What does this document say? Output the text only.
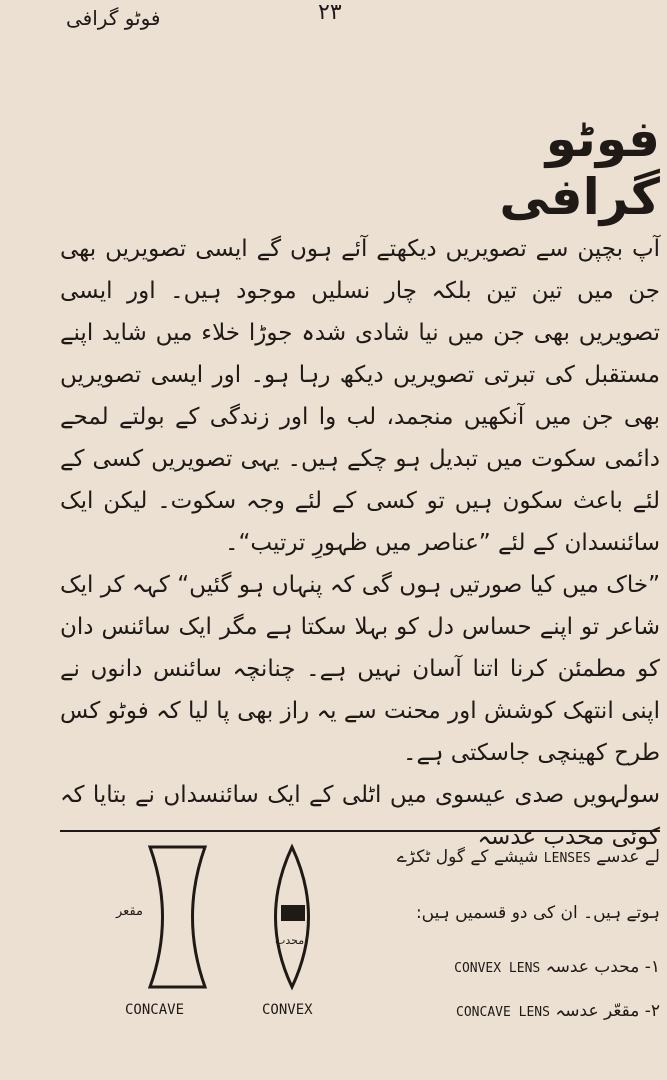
فوٹو گرافی	۲۳
فوٹو گرافی

آپ بچپن سے تصویریں دیکھتے آئے ہوں گے ایسی تصویریں بھی جن میں تین تین بلکہ چار نسلیں موجود ہیں۔ اور ایسی تصویریں بھی جن میں نیا شادی شدہ جوڑا خلاء میں شاید اپنے مستقبل کی تبرتی تصویریں دیکھ رہا ہو۔ اور ایسی تصویریں بھی جن میں آنکھیں منجمد، لب وا اور زندگی کے بولتے لمحے دائمی سکوت میں تبدیل ہو چکے ہیں۔ یہی تصویریں کسی کے لئے باعث سکون ہیں تو کسی کے لئے وجہ سکوت۔ لیکن ایک سائنسدان کے لئے ”عناصر میں ظہورِ ترتیب“۔

”خاک میں کیا صورتیں ہوں گی کہ پنہاں ہو گئیں“ کہہ کر ایک شاعر تو اپنے حساس دل کو بہلا سکتا ہے مگر ایک سائنس دان کو مطمئن کرنا اتنا آسان نہیں ہے۔ چنانچہ سائنس دانوں نے اپنی انتھک کوشش اور محنت سے یہ راز بھی پا لیا کہ فوٹو کس طرح کھینچی جاسکتی ہے۔

سولہویں صدی عیسوی میں اٹلی کے ایک سائنسداں نے بتایا کہ کوئی محدب عدسہ

لے عدسے LENSES شیشے کے گول ٹکڑے
ہوتے ہیں۔ ان کی دو قسمیں ہیں:
۱- محدب عدسہ CONVEX LENS
۲- مقعّر عدسہ CONCAVE LENS
مقعر
محدب
CONCAVE	CONVEX
